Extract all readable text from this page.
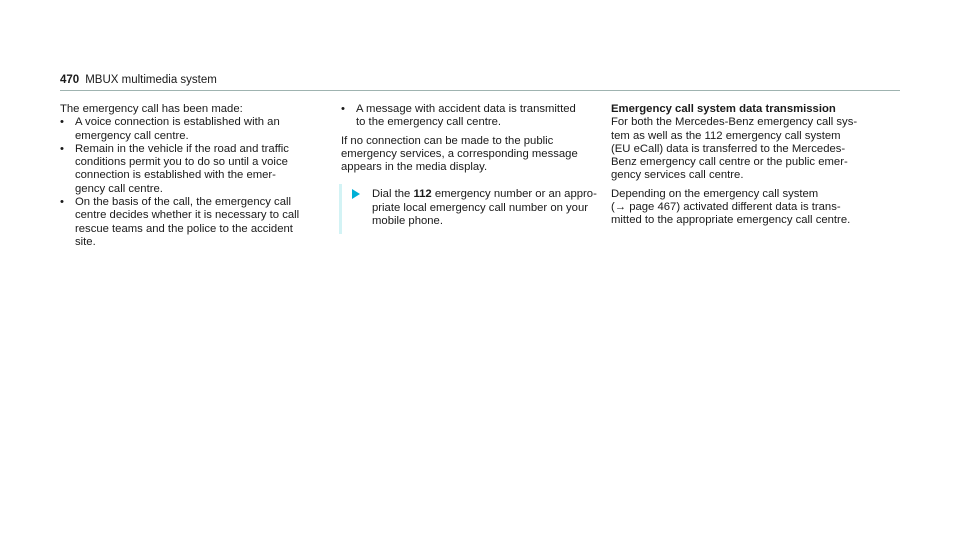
470 MBUX multimedia system
The emergency call has been made:
• A voice connection is established with an
emergency call centre.
• Remain in the vehicle if the road and traffic
conditions permit you to do so until a voice
connection is established with the emer-
gency call centre.
• On the basis of the call, the emergency call
centre decides whether it is necessary to call
rescue teams and the police to the accident
site.
• A message with accident data is transmitted
to the emergency call centre.
If no connection can be made to the public
emergency services, a corresponding message
appears in the media display.
Dial the 112 emergency number or an appro-
priate local emergency call number on your
mobile phone.
Emergency call system data transmission
For both the Mercedes-Benz emergency call sys-
tem as well as the 112 emergency call system
(EU eCall) data is transferred to the Mercedes-
Benz emergency call centre or the public emer-
gency services call centre.
Depending on the emergency call system
(→ page 467) activated different data is trans-
mitted to the appropriate emergency call centre.
